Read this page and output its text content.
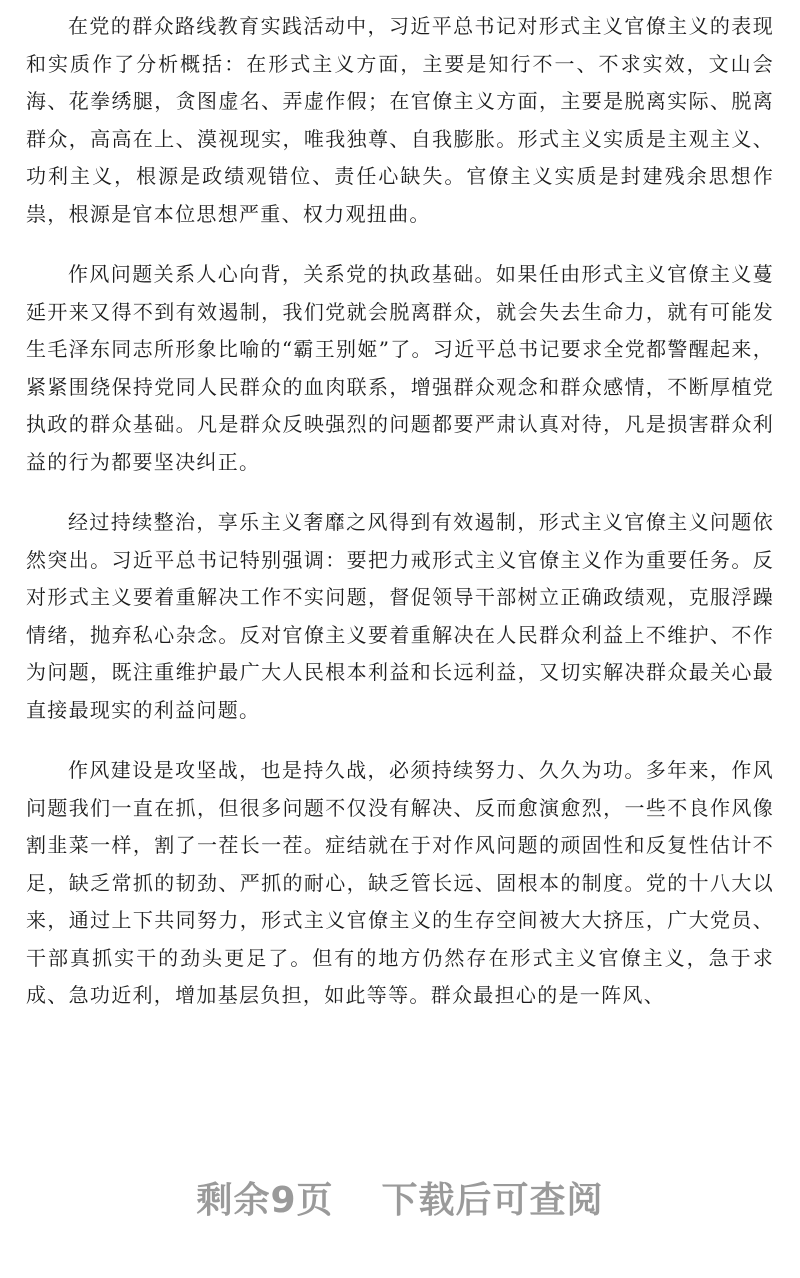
在党的群众路线教育实践活动中，习近平总书记对形式主义官僚主义的表现和实质作了分析概括：在形式主义方面，主要是知行不一、不求实效，文山会海、花拳绣腿，贪图虚名、弄虚作假；在官僚主义方面，主要是脱离实际、脱离群众，高高在上、漠视现实，唯我独尊、自我膨胀。形式主义实质是主观主义、功利主义，根源是政绩观错位、责任心缺失。官僚主义实质是封建残余思想作祟，根源是官本位思想严重、权力观扭曲。

作风问题关系人心向背，关系党的执政基础。如果任由形式主义官僚主义蔓延开来又得不到有效遏制，我们党就会脱离群众，就会失去生命力，就有可能发生毛泽东同志所形象比喻的“霸王别姬”了。习近平总书记要求全党都警醒起来，紧紧围绕保持党同人民群众的血肉联系，增强群众观念和群众感情，不断厚植党执政的群众基础。凡是群众反映强烈的问题都要严肃认真对待，凡是损害群众利益的行为都要坚决纠正。

经过持续整治，享乐主义奢靡之风得到有效遏制，形式主义官僚主义问题依然突出。习近平总书记特别强调：要把力戒形式主义官僚主义作为重要任务。反对形式主义要着重解决工作不实问题，督促领导干部树立正确政绩观，克服浮躁情绪，抛弃私心杂念。反对官僚主义要着重解决在人民群众利益上不维护、不作为问题，既注重维护最广大人民根本利益和长远利益，又切实解决群众最关心最直接最现实的利益问题。

作风建设是攻坚战，也是持久战，必须持续努力、久久为功。多年来，作风问题我们一直在抓，但很多问题不仅没有解决、反而愈演愈烈，一些不良作风像割韭菜一样，割了一茬长一茬。症结就在于对作风问题的顽固性和反复性估计不足，缺乏常抓的韧劲、严抓的耐心，缺乏管长远、固根本的制度。党的十八大以来，通过上下共同努力，形式主义官僚主义的生存空间被大大挤压，广大党员、干部真抓实干的劲头更足了。但有的地方仍然存在形式主义官僚主义，急于求成、急功近利，增加基层负担，如此等等。群众最担心的是一阵风、

剩余9页 下载后可查阅
